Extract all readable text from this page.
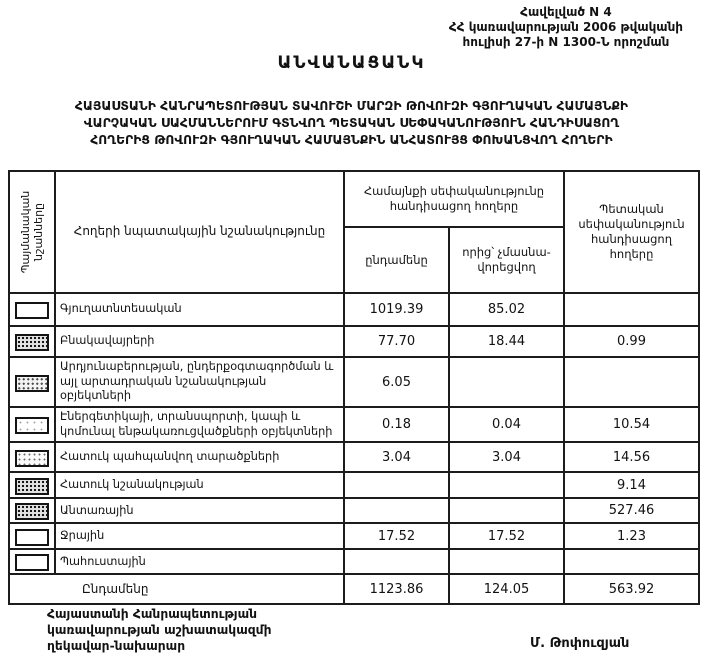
Հավելված N 4
ՀՀ կառավարության 2006 թվականի
հուլիսի 27-ի N 1300-Ն որոշման
ԱՆՎԱՆԱՑԱՆԿ
ՀԱՅԱՍՏԱՆԻ ՀԱՆՐԱՊԵՏՈՒԹՅԱՆ ՏԱՎՈՒՇԻ ՄԱՐԶԻ ԹՈՎՈՒԶԻ ԳՅՈՒՂԱԿԱՆ ՀԱՄԱՅՆՔԻ
ՎԱՐՉԱԿԱՆ ՍԱՀՄԱՆՆԵՐՈՒՄ ԳՏՆՎՈՂ ՊԵՏԱԿԱՆ ՍԵՓԱԿԱՆՈՒԹՅՈՒՆ ՀԱՆԴԻՍԱՑՈՂ
ՀՈՂԵՐԻՑ ԹՈՎՈՒԶԻ ԳՅՈՒՂԱԿԱՆ ՀԱՄԱՅՆՔԻՆ ԱՆՀԱՏՈՒՅՑ ՓՈԽԱՆՑՎՈՂ ՀՈՂԵՐԻ
Պայմանական նշանները	Հողերի նպատակային նշանակությունը	Համայնքի սեփականությունը հանդիսացող հողերը		Պետական սեփականություն հանդիսացող հողերը
		ընդամենը	որից՝ չմասնա-վորեցվող	
	Գյուղատնտեսական	1019.39	85.02	
	Բնակավայրերի	77.70	18.44	0.99
	Արդյունաբերության, ընդերքօգտագործման և այլ արտադրական նշանակության օբյեկտների	6.05		
	Էներգետիկայի, տրանսպորտի, կապի և կոմունալ ենթակառուցվածքների օբյեկտների	0.18	0.04	10.54
	Հատուկ պահպանվող տարածքների	3.04	3.04	14.56
	Հատուկ նշանակության			9.14
	Անտառային			527.46
	Ջրային	17.52	17.52	1.23
	Պահուստային			
Ընդամենը		1123.86	124.05	563.92
Հայաստանի Հանրապետության
կառավարության աշխատակազմի
ղեկավար-նախարար	Մ. Թոփուզյան
